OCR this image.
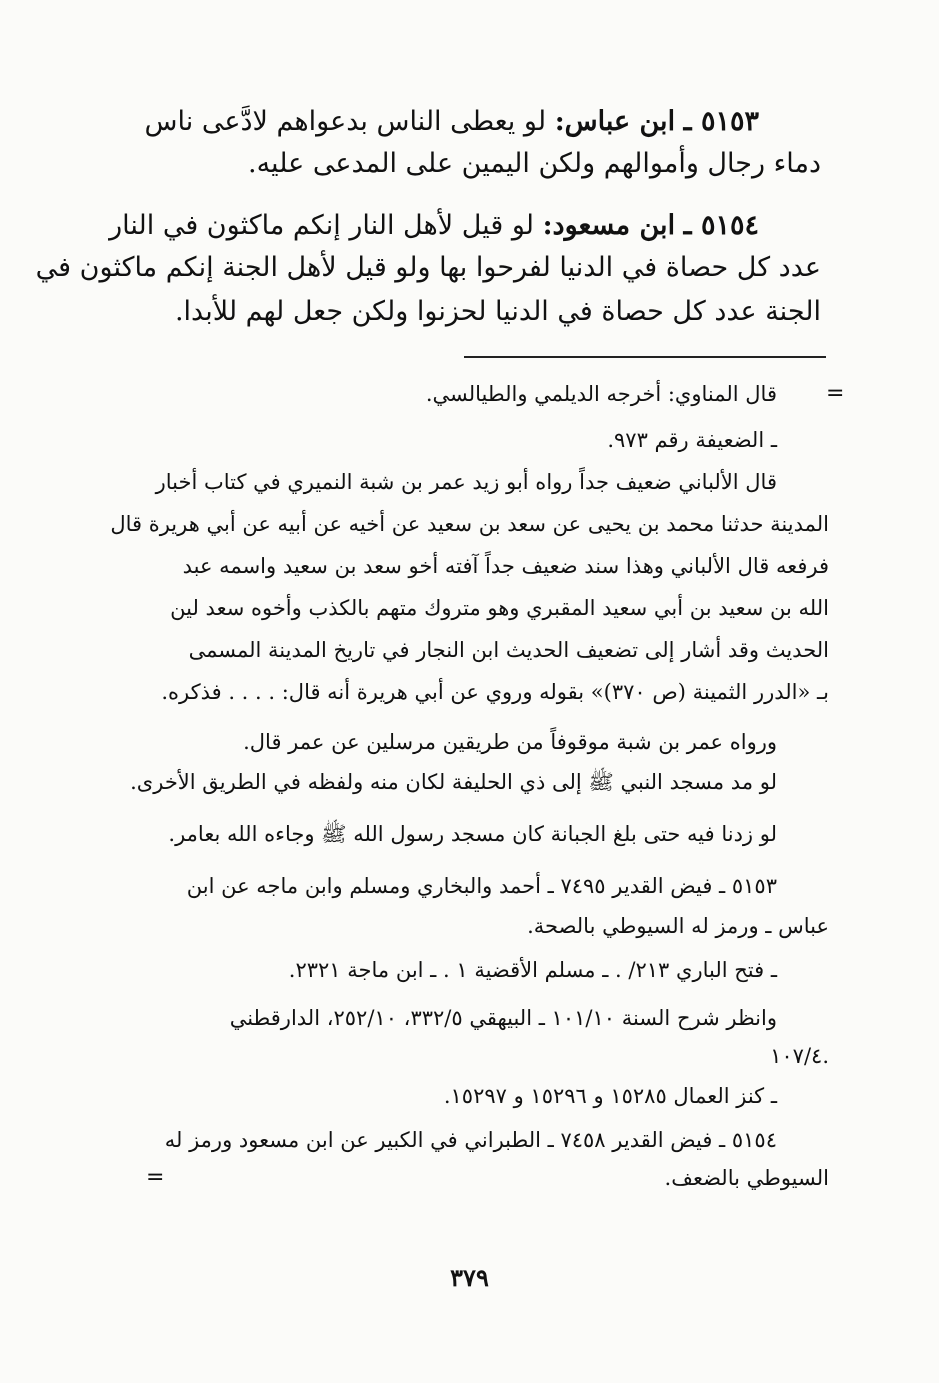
٥١٥٣ ـ ابن عباس: لو يعطى الناس بدعواهم لادَّعى ناس
دماء رجال وأموالهم ولكن اليمين على المدعى عليه.
٥١٥٤ ـ ابن مسعود: لو قيل لأهل النار إنكم ماكثون في النار
عدد كل حصاة في الدنيا لفرحوا بها ولو قيل لأهل الجنة إنكم ماكثون في
الجنة عدد كل حصاة في الدنيا لحزنوا ولكن جعل لهم للأبدا.
=
=
قال المناوي: أخرجه الديلمي والطيالسي.
ـ الضعيفة رقم ٩٧٣.
قال الألباني ضعيف جداً رواه أبو زيد عمر بن شبة النميري في كتاب أخبار
المدينة حدثنا محمد بن يحيى عن سعد بن سعيد عن أخيه عن أبيه عن أبي هريرة قال
فرفعه قال الألباني وهذا سند ضعيف جداً آفته أخو سعد بن سعيد واسمه عبد
الله بن سعيد بن أبي سعيد المقبري وهو متروك متهم بالكذب وأخوه سعد لين
الحديث وقد أشار إلى تضعيف الحديث ابن النجار في تاريخ المدينة المسمى
بـ «الدرر الثمينة (ص ٣٧٠)» بقوله وروي عن أبي هريرة أنه قال: . . . . فذكره.
ورواه عمر بن شبة موقوفاً من طريقين مرسلين عن عمر قال.
لو مد مسجد النبي ﷺ إلى ذي الحليفة لكان منه ولفظه في الطريق الأخرى.
لو زدنا فيه حتى بلغ الجبانة كان مسجد رسول الله ﷺ وجاءه الله بعامر.
٥١٥٣ ـ فيض القدير ٧٤٩٥ ـ أحمد والبخاري ومسلم وابن ماجه عن ابن
عباس ـ ورمز له السيوطي بالصحة.
ـ فتح الباري ٢١٣/ . ـ مسلم الأقضية ١ . ـ ابن ماجة ٢٣٢١.
وانظر شرح السنة ١٠١/١٠ ـ البيهقي ٣٣٢/٥، ٢٥٢/١٠، الدارقطني
١٠٧/٤.
ـ كنز العمال ١٥٢٨٥ و ١٥٢٩٦ و ١٥٢٩٧.
٥١٥٤ ـ فيض القدير ٧٤٥٨ ـ الطبراني في الكبير عن ابن مسعود ورمز له
السيوطي بالضعف.
٣٧٩
